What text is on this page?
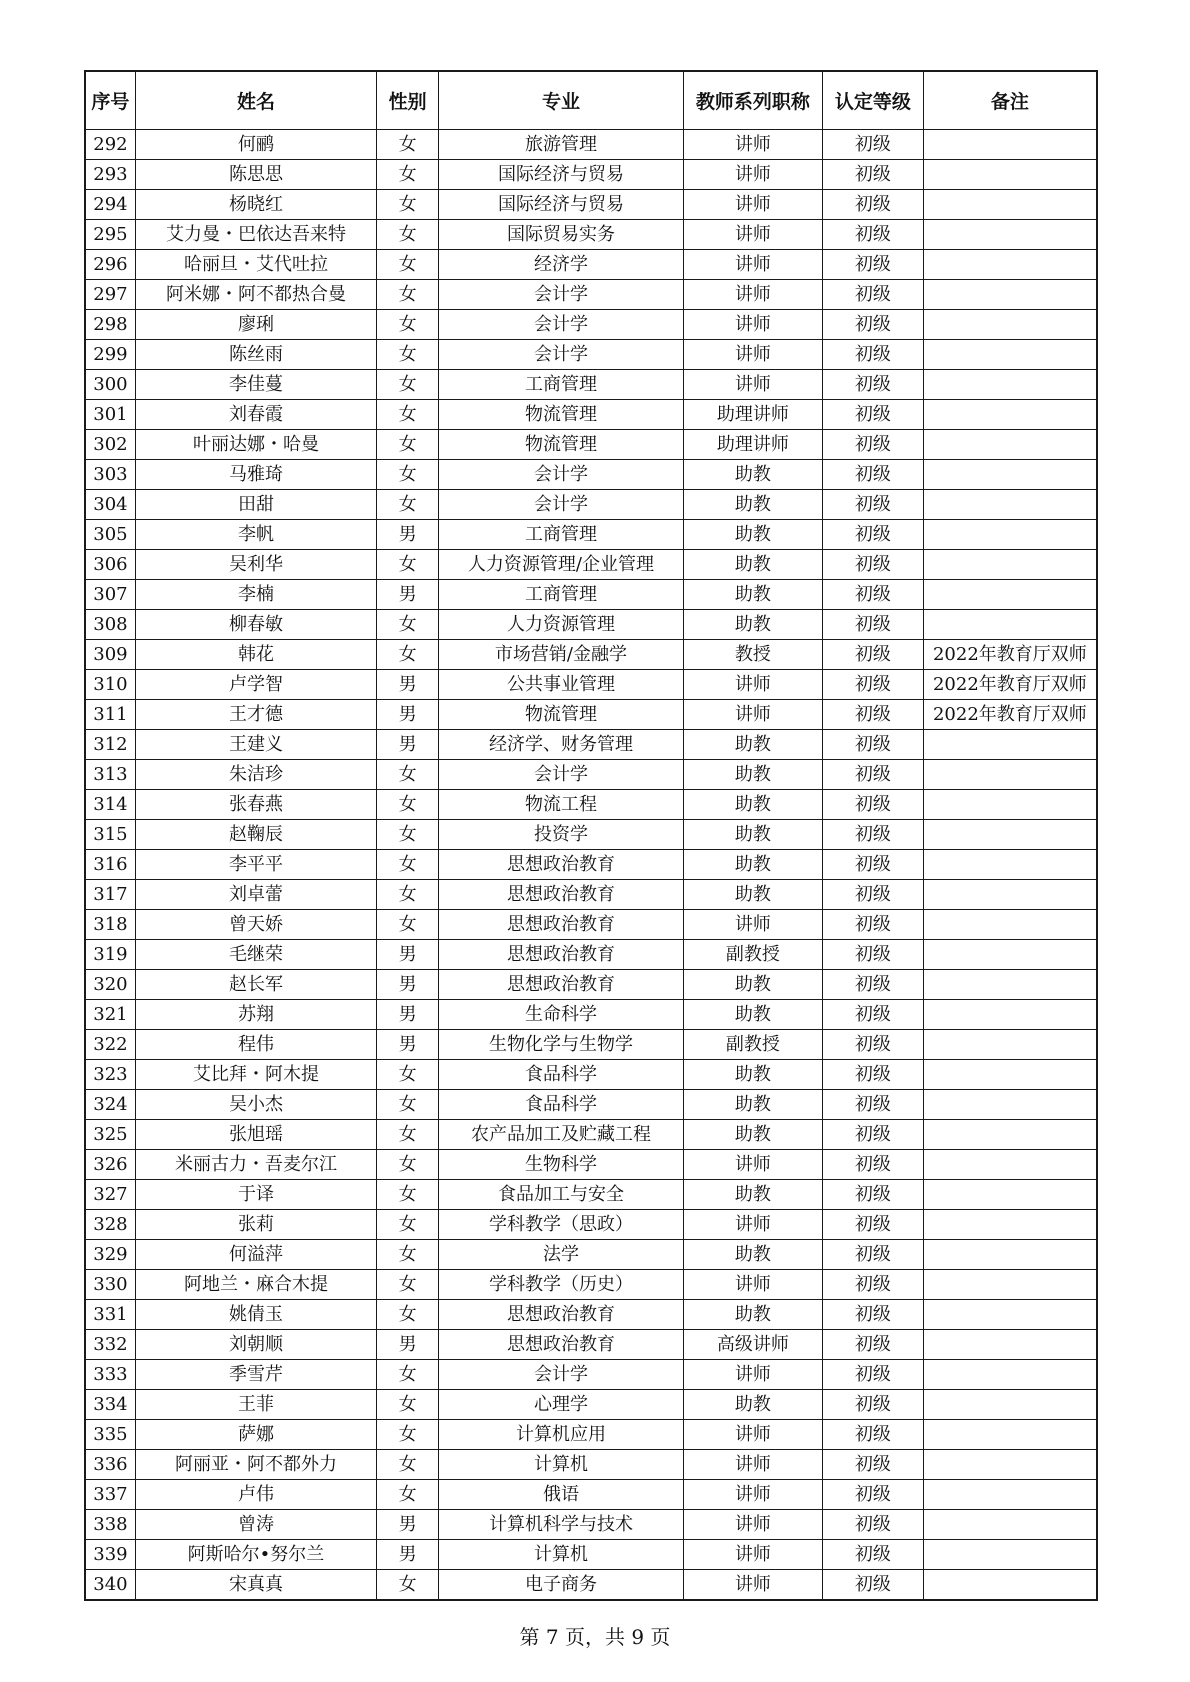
序号	姓名	性别	专业	教师系列职称	认定等级	备注
292	何鹂	女	旅游管理	讲师	初级	
293	陈思思	女	国际经济与贸易	讲师	初级	
294	杨晓红	女	国际经济与贸易	讲师	初级	
295	艾力曼・巴依达吾来特	女	国际贸易实务	讲师	初级	
296	哈丽旦・艾代吐拉	女	经济学	讲师	初级	
297	阿米娜・阿不都热合曼	女	会计学	讲师	初级	
298	廖琍	女	会计学	讲师	初级	
299	陈丝雨	女	会计学	讲师	初级	
300	李佳蔓	女	工商管理	讲师	初级	
301	刘春霞	女	物流管理	助理讲师	初级	
302	叶丽达娜・哈曼	女	物流管理	助理讲师	初级	
303	马雅琦	女	会计学	助教	初级	
304	田甜	女	会计学	助教	初级	
305	李帆	男	工商管理	助教	初级	
306	吴利华	女	人力资源管理/企业管理	助教	初级	
307	李楠	男	工商管理	助教	初级	
308	柳春敏	女	人力资源管理	助教	初级	
309	韩花	女	市场营销/金融学	教授	初级	2022年教育厅双师
310	卢学智	男	公共事业管理	讲师	初级	2022年教育厅双师
311	王才德	男	物流管理	讲师	初级	2022年教育厅双师
312	王建义	男	经济学、财务管理	助教	初级	
313	朱洁珍	女	会计学	助教	初级	
314	张春燕	女	物流工程	助教	初级	
315	赵鞠辰	女	投资学	助教	初级	
316	李平平	女	思想政治教育	助教	初级	
317	刘卓蕾	女	思想政治教育	助教	初级	
318	曾天娇	女	思想政治教育	讲师	初级	
319	毛继荣	男	思想政治教育	副教授	初级	
320	赵长军	男	思想政治教育	助教	初级	
321	苏翔	男	生命科学	助教	初级	
322	程伟	男	生物化学与生物学	副教授	初级	
323	艾比拜・阿木提	女	食品科学	助教	初级	
324	吴小杰	女	食品科学	助教	初级	
325	张旭瑶	女	农产品加工及贮藏工程	助教	初级	
326	米丽古力・吾麦尔江	女	生物科学	讲师	初级	
327	于译	女	食品加工与安全	助教	初级	
328	张莉	女	学科教学（思政）	讲师	初级	
329	何溢萍	女	法学	助教	初级	
330	阿地兰・麻合木提	女	学科教学（历史）	讲师	初级	
331	姚倩玉	女	思想政治教育	助教	初级	
332	刘朝顺	男	思想政治教育	高级讲师	初级	
333	季雪芹	女	会计学	讲师	初级	
334	王菲	女	心理学	助教	初级	
335	萨娜	女	计算机应用	讲师	初级	
336	阿丽亚・阿不都外力	女	计算机	讲师	初级	
337	卢伟	女	俄语	讲师	初级	
338	曾涛	男	计算机科学与技术	讲师	初级	
339	阿斯哈尔•努尔兰	男	计算机	讲师	初级	
340	宋真真	女	电子商务	讲师	初级	
第 7 页，共 9 页
